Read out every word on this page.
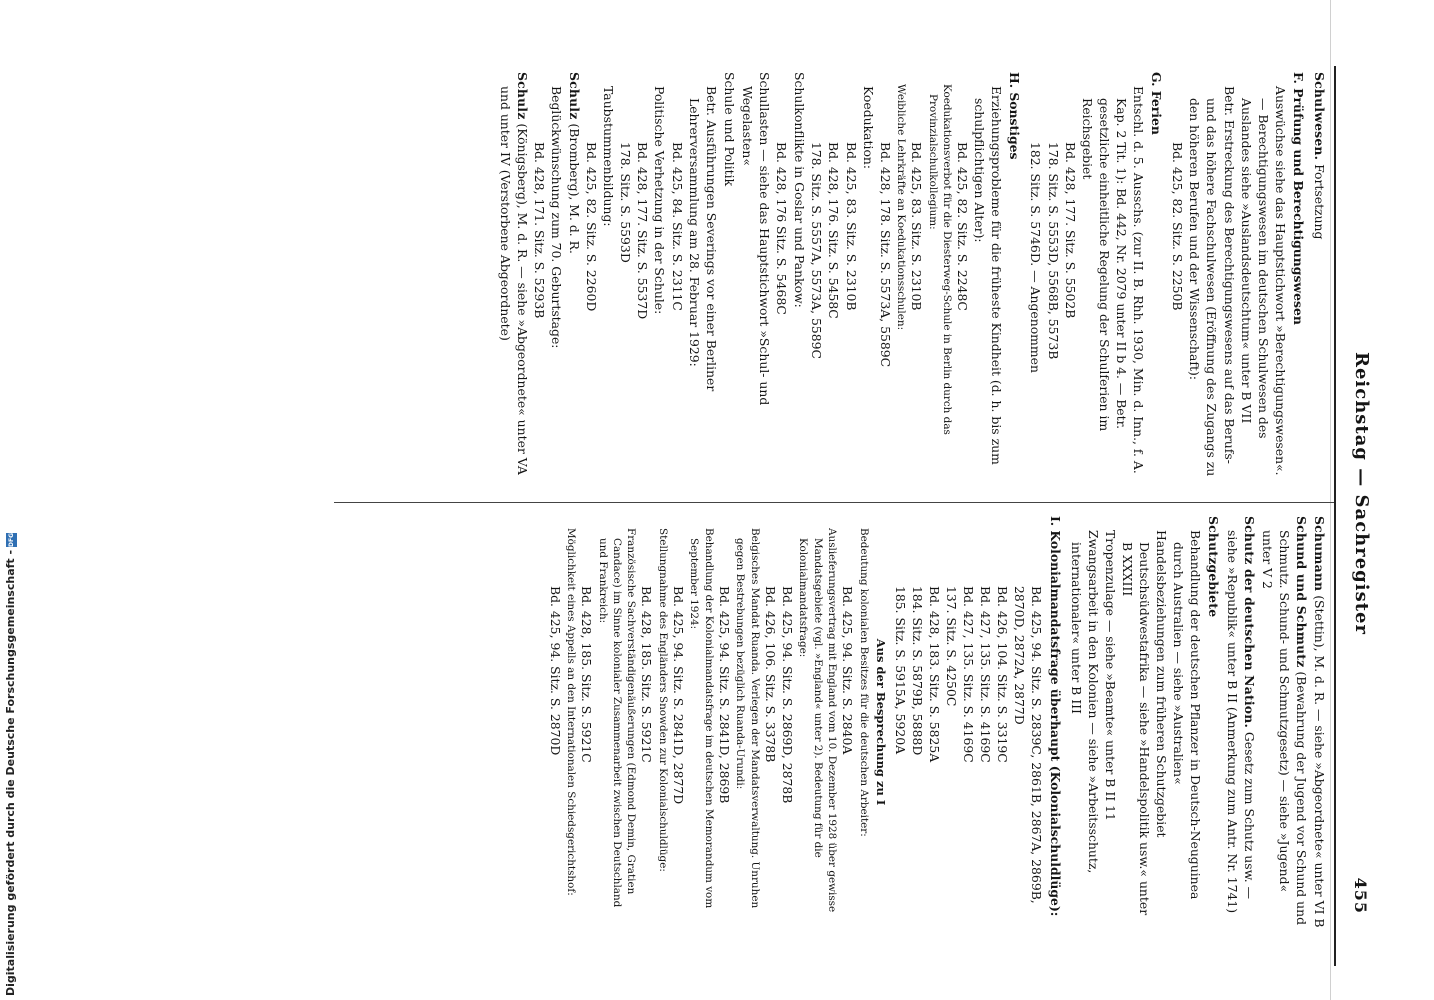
Reichstag — Sachregister
455

Schulwesen. Fortsetzung

F. Prüfung und Berechtigungswesen

Auswüchse siehe das Hauptstichwort »Berechtigungswesen«. — Berechtigungswesen im deutschen Schulwesen des Auslandes siehe »Auslandsdeutschtum« unter B VII

Betr. Erstreckung des Berechtigungswesens auf das Berufs- und das höhere Fachschulwesen (Eröffnung des Zugangs zu den höheren Berufen und der Wissenschaft):

Bd. 425, 82. Sitz. S. 2250B

G. Ferien

Entschl. d. 5. Ausschs. (zur II. B. Rhh. 1930, Min. d. Inn., f. A. Kap. 2 Tit. 1): Bd. 442, Nr. 2079 unter II b 4. — Betr. gesetzliche einheitliche Regelung der Schulferien im Reichsgebiet

Bd. 428, 177. Sitz. S. 5502B

178. Sitz. S. 5553D, 5568B, 5573B

182. Sitz. S. 5746D. — Angenommen

H. Sonstiges

Erziehungsprobleme für die früheste Kindheit (d. h. bis zum schulpflichtigen Alter):

Bd. 425, 82. Sitz. S. 2248C

Koedukationsverbot für die Diesterweg-Schule in Berlin durch das Provinzialschulkollegium:

Bd. 425, 83. Sitz. S. 2310B

Weibliche Lehrkräfte an Koedukationsschulen:

Bd. 428, 178. Sitz. S. 5573A, 5589C

Koedukation:

Bd. 425, 83. Sitz. S. 2310B

Bd. 428, 176. Sitz. S. 5458C

178. Sitz. S. 5557A, 5573A, 5589C

Schulkonflikte in Goslar und Pankow:

Bd. 428, 176 Sitz. S. 5468C

Schullasten — siehe das Hauptstichwort »Schul- und Wegelasten«

Schule und Politik

Betr. Ausführungen Severings vor einer Berliner Lehrerversammlung am 28. Februar 1929:

Bd. 425, 84. Sitz. S. 2311C

Politische Verhetzung in der Schule:

Bd. 428, 177. Sitz. S. 5537D

178. Sitz. S. 5593D

Taubstummenbildung:

Bd. 425, 82. Sitz. S. 2260D

Schulz (Bromberg), M. d. R.

Beglückwünschung zum 70. Geburtstage:

Bd. 428, 171. Sitz. S. 5293B

Schulz (Königsberg), M. d. R. — siehe »Abgeordnete« unter VA und unter IV (Verstorbene Abgeordnete)

Schumann (Stettin), M. d. R. — siehe »Abgeordnete« unter VI B

Schund und Schmutz (Bewahrung der Jugend vor Schund und Schmutz. Schund- und Schmutzgesetz) — siehe »Jugend« unter V 2

Schutz der deutschen Nation. Gesetz zum Schutz usw. — siehe »Republik« unter B II (Anmerkung zum Antr. Nr. 1741)

Schutzgebiete

Behandlung der deutschen Pflanzer in Deutsch-Neuguinea durch Australien — siehe »Australien«

Handelsbeziehungen zum früheren Schutzgebiet Deutschsüdwestafrika — siehe »Handelspolitik usw.« unter B XXXIII

Tropenzulage — siehe »Beamte« unter B II 11

Zwangsarbeit in den Kolonien — siehe »Arbeitsschutz, internationaler« unter B III

I. Kolonialmandatsfrage überhaupt (Kolonialschuldlüge):

Bd. 425, 94. Sitz. S. 2839C, 2861B, 2867A, 2869B, 2870D, 2872A, 2877D

Bd. 426, 104. Sitz. S. 3319C

Bd. 427, 135. Sitz. S. 4169C

Bd. 427, 135. Sitz. S. 4169C

137. Sitz. S. 4250C

Bd. 428, 183. Sitz. S. 5825A

184. Sitz. S. 5879B, 5888D

185. Sitz. S. 5915A, 5920A

Aus der Besprechung zu I

Bedeutung kolonialen Besitzes für die deutschen Arbeiter:

Bd. 425, 94. Sitz. S. 2840A

Auslieferungsvertrag mit England vom 10. Dezember 1928 über gewisse Mandatsgebiete (vgl. »England« unter 2). Bedeutung für die Kolonialmandatsfrage:

Bd. 425, 94. Sitz. S. 2869D, 2878B

Bd. 426, 106. Sitz. S. 3378B

Belgisches Mandat Ruanda. Verlegen der Mandatsverwaltung. Unruhen gegen Bestrebungen bezüglich Ruanda-Urundi:

Bd. 425, 94. Sitz. S. 2841D, 2869B

Behandlung der Kolonialmandatsfrage im deutschen Memorandum vom September 1924:

Bd. 425, 94. Sitz. S. 2841D, 2877D

Stellungnahme des Engländers Snowden zur Kolonialschuldlüge:

Bd. 428, 185. Sitz. S. 5921C

Französische Sachverständigenäußerungen (Edmond Demin, Gratien Candace) im Sinne kolonialer Zusammenarbeit zwischen Deutschland und Frankreich:

Bd. 428, 185. Sitz. S. 5921C

Möglichkeit eines Appells an den Internationalen Schiedsgerichtshof:

Bd. 425, 94. Sitz. S. 2870D

Digitalisierung gefördert durch die Deutsche Forschungsgemeinschaft -DFG
